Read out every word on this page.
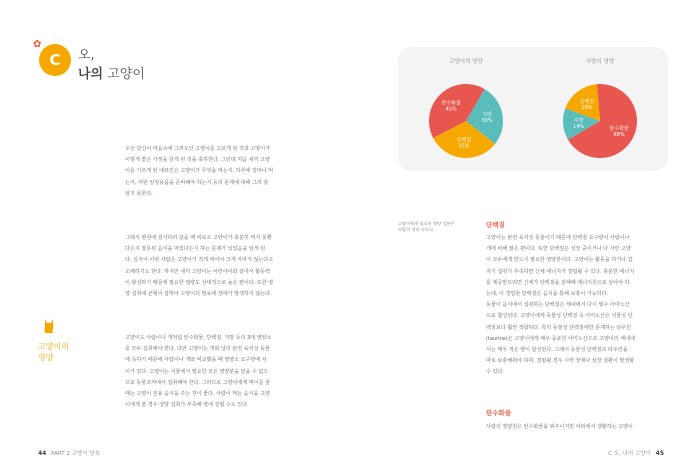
✿
C	오,
나의 고양이
우선 당신이 마음속에 그려오던 고양이를 고르게 된 것과 고양이가
이렇게 좋은 가정을 갖게 된 것을 축하한다. 그런데 처음 새끼 고양
이를 기르게 된 애묘인은 고양이가 무엇을 먹는지, 하루에 얼마나 먹
는지, 어떤 일상용품을 준비해야 하는지 등의 문제에 대해 그리 잘
알지 못한다.
그래서 병원에 검사하러 갔을 때 비로소 고양이가 충분히 먹지 못했
다든지 잘못된 음식을 먹었다든지 하는 문제가 있었음을 알게 된
다. 심지어 어떤 사람은 고양이가 적게 먹어야 크게 자라지 않는다고
오해하기도 한다. 하지만 새끼 고양이는 어린아이와 같아서 활동력
이 왕성하기 때문에 필요한 열량도 상대적으로 높은 편이다. 또한 영
양 섭취에 균형이 잡혀야 고양이의 발육에 장애가 발생하지 않는다.
고양이의
영양
고양이도 사람이나 개처럼 탄수화물, 단백질, 지방 등의 3대 영양소
를 모두 섭취해야 한다. 다만 고양이는 개와 달리 완전 육식성 동물
에 속하기 때문에 사람이나 개와 비교했을 때 영양소 요구량에 차
이가 있다. 고양이는 식물에서 필요한 모든 영양분을 얻을 수 없으
므로 동물조직에서 섭취해야 한다. 그러므로 고양이에게 먹이를 줄
때는 고양이 전용 음식을 주는 것이 좋다. 사람이 먹는 음식을 고양
이에게 줄 경우 영양 섭취가 부족해 병에 걸릴 수도 있다.
44 PART 2 고양이 양육
고양이의 영양
지방 30%
단백질 35%
탄수화물 45%
사람의 영양
탄수화물 68%
지방 14%
단백질 18%
고양이에게 필요한 영양 성분은
사람의 것과 다르다.
단백질
고양이는 완전 육식성 동물이기 때문에 단백질 요구량이 사람이나
개에 비해 많은 편이다. 또한 단백질은 성장 중이거나 다 자란 고양
이 모두에게 반드시 필요한 영양분이다. 고양이는 활동을 하거나 갑
자기 섭취가 부족하면 신체 에너지가 결핍될 수 있다. 충분한 에너지
를 제공받으려면 신체가 단백질을 분해해 에너지원으로 삼아야 하
는데, 이 경험한 단백질은 음식을 통해 보충이 가능하다.
동물이 음식에서 섭취하는 단백질은 체내에서 다시 필수 아미노산
으로 합성된다. 고양이에게 동물성 단백질 속 아미노산은 식물성 단
백질보다 훨씬 적합하다. 특히 동물성 단백질에만 존재하는 타우린
(taurine)은 고양이에게 매우 중요한 아미노산으로 고양이의 체내에
서는 매우 적은 양이 합성된다. 그래서 동물성 단백질로 타우린을
따로 보충해줘야 하며, 결핍될 경우 시력 장애나 심장 질환이 발생할
수 있다.
탄수화물
사람의 영양원은 탄수화물을 위주이지만 야외에서 생활하는 고양이
C 오, 나의 고양이 45
